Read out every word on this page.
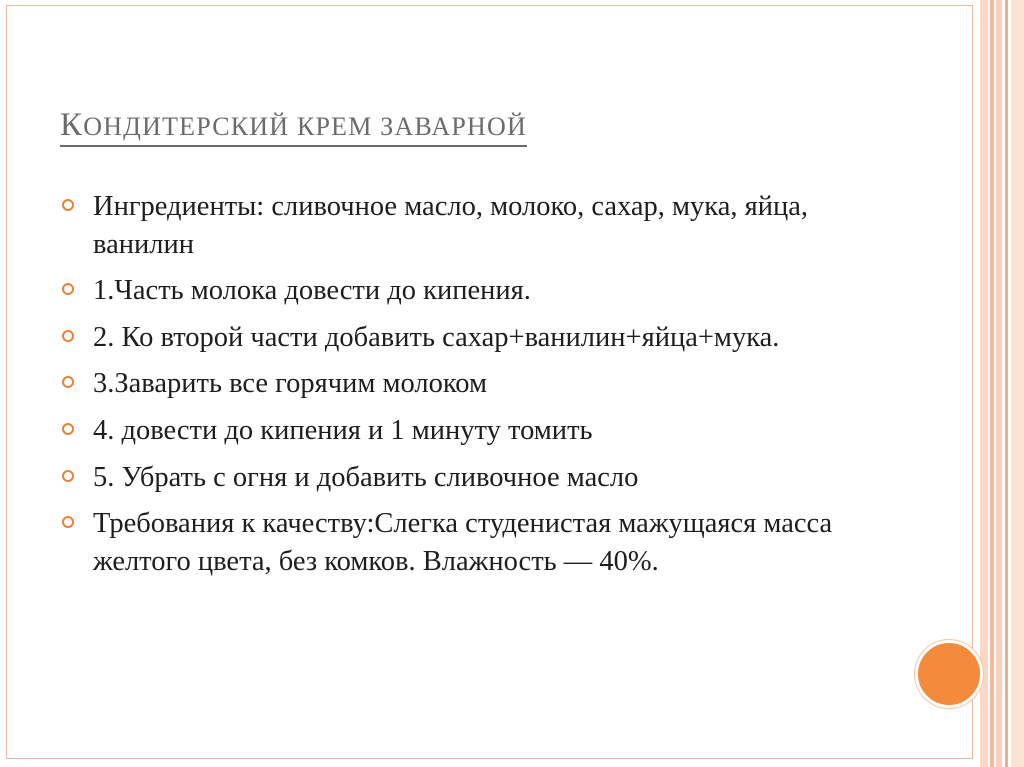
КОНДИТЕРСКИЙ КРЕМ ЗАВАРНОЙ
Ингредиенты: сливочное масло, молоко, сахар, мука, яйца, ванилин
1.Часть молока довести до кипения.
2. Ко второй части добавить сахар+ванилин+яйца+мука.
3.Заварить все горячим молоком
4. довести до кипения и 1 минуту томить
5. Убрать с огня и добавить сливочное масло
Требования к качеству:Слегка студенистая мажущаяся масса желтого цвета, без комков. Влажность — 40%.
